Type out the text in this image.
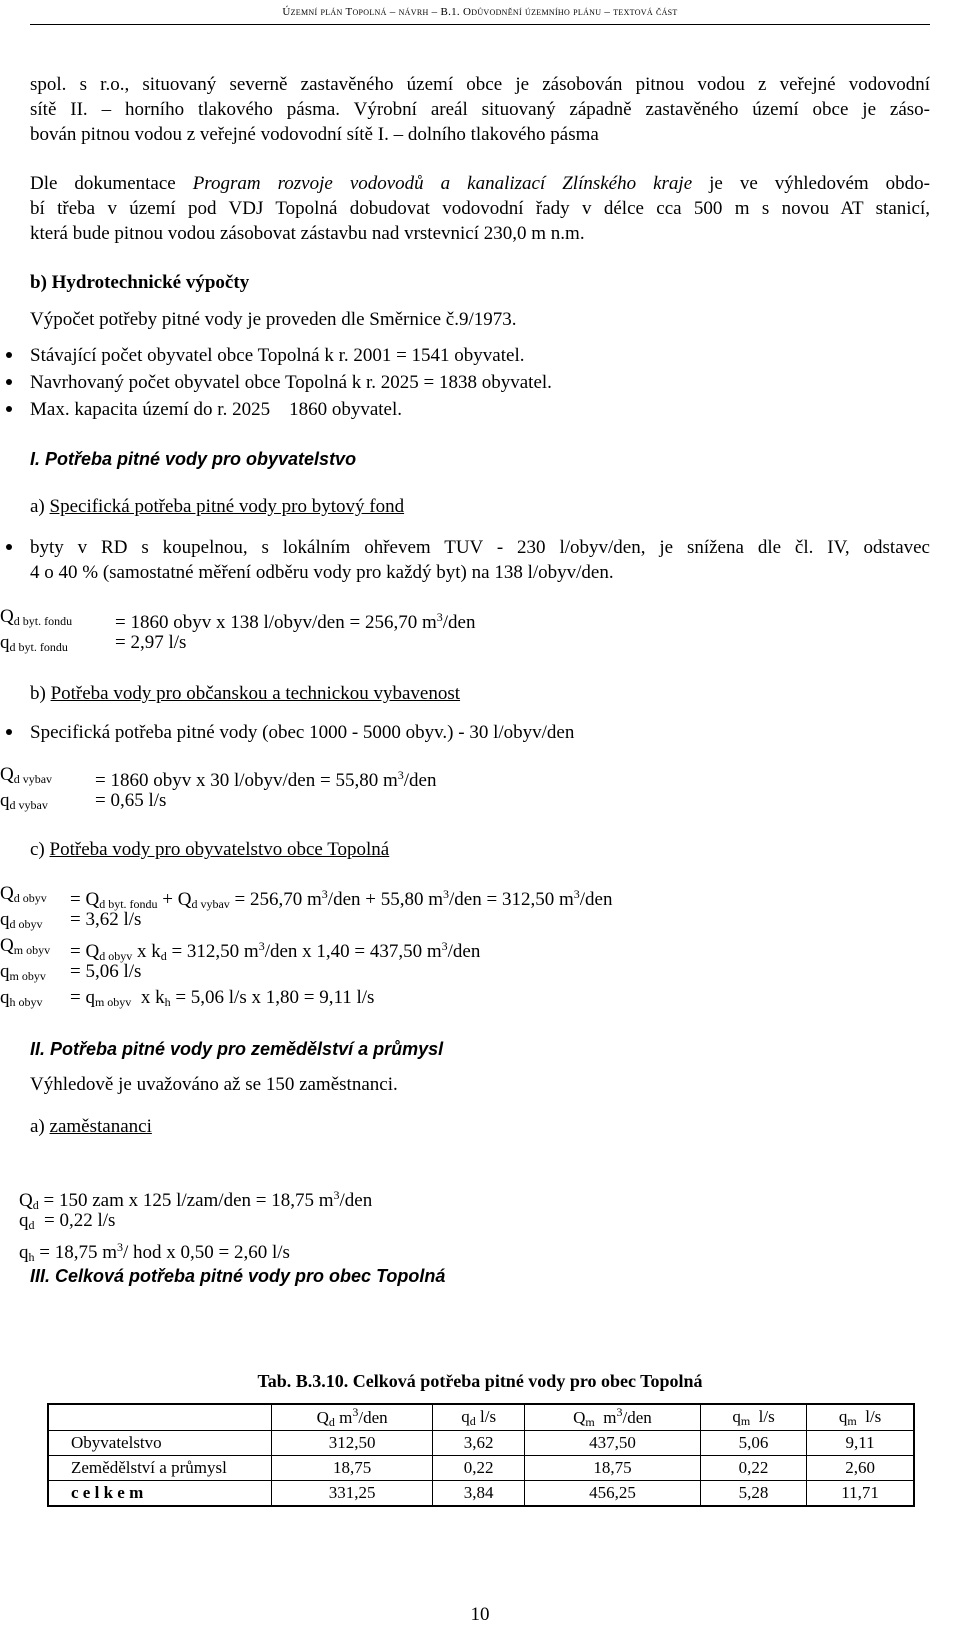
Územní plán Topolná – návrh – B.1. Odůvodnění územního plánu – textová část
spol. s r.o., situovaný severně zastavěného území obce je zásobován pitnou vodou z veřejné vodovodní
sítě II. – horního tlakového pásma. Výrobní areál situovaný západně zastavěného území obce je záso-
bován pitnou vodou z veřejné vodovodní sítě I. – dolního tlakového pásma
Dle dokumentace Program rozvoje vodovodů a kanalizací Zlínského kraje je ve výhledovém obdo-
bí třeba v území pod VDJ Topolná dobudovat vodovodní řady v délce cca 500 m s novou AT stanicí,
která bude pitnou vodou zásobovat zástavbu nad vrstevnicí 230,0 m n.m.
b) Hydrotechnické výpočty
Výpočet potřeby pitné vody je proveden dle Směrnice č.9/1973.
Stávající počet obyvatel obce Topolná k r. 2001 = 1541 obyvatel.
Navrhovaný počet obyvatel obce Topolná k r. 2025 = 1838 obyvatel.
Max. kapacita území do r. 2025    1860 obyvatel.
I. Potřeba pitné vody pro obyvatelstvo
a) Specifická potřeba pitné vody pro bytový fond
byty v RD s koupelnou, s lokálním ohřevem TUV - 230 l/obyv/den, je snížena dle čl. IV, odstavec
4 o 40 % (samostatné měření odběru vody pro každý byt) na 138 l/obyv/den.
$Q_{d byt. fondu} = 1860$ obyv x 138 l/obyv/den = 256,70 $m^3$/den
$q_{d byt. fondu} = 2,97$ l/s
b) Potřeba vody pro občanskou a technickou vybavenost
Specifická potřeba pitné vody (obec 1000 - 5000 obyv.) - 30 l/obyv/den
$Q_{d vybav} = 1860$ obyv x 30 l/obyv/den = 55,80 $m^3$/den
$q_{d vybav} = 0,65$ l/s
c) Potřeba vody pro obyvatelstvo obce Topolná
$Q_{d obyv} = Q_{d byt. fondu} + Q_{d vybav} = 256,70$ $m^3$/den + 55,80 $m^3$/den = 312,50 $m^3$/den
$q_{d obyv} = 3,62$ l/s
$Q_{m obyv} = Q_{d obyv}$ x $k_d = 312,50$ $m^3$/den x 1,40 = 437,50 $m^3$/den
$q_{m obyv} = 5,06$ l/s
$q_{h obyv} = q_{m obyv}$  x $k_h = 5,06$ l/s x 1,80 = 9,11 l/s
II. Potřeba pitné vody pro zemědělství a průmysl
Výhledově je uvažováno až se 150 zaměstnanci.
a) zaměstananci

$Q_d = 150$ zam x 125 l/zam/den = 18,75 $m^3$/den

$q_d = 0,22$ l/s

$q_h = 18,75$ $m^3/$ hod x 0,50 = 2,60 l/s

III. Celková potřeba pitné vody pro obec Topolná
Tab. B.3.10. Celková potřeba pitné vody pro obec Topolná
	$Q_d$ $m^3$/den	$q_d$ l/s	$Q_m$  $m^3$/den	$q_m$  l/s	$q_m$  l/s
Obyvatelstvo	312,50	3,62	437,50	5,06	9,11
Zemědělství a průmysl	18,75	0,22	18,75	0,22	2,60
c e l k e m	331,25	3,84	456,25	5,28	11,71
10
